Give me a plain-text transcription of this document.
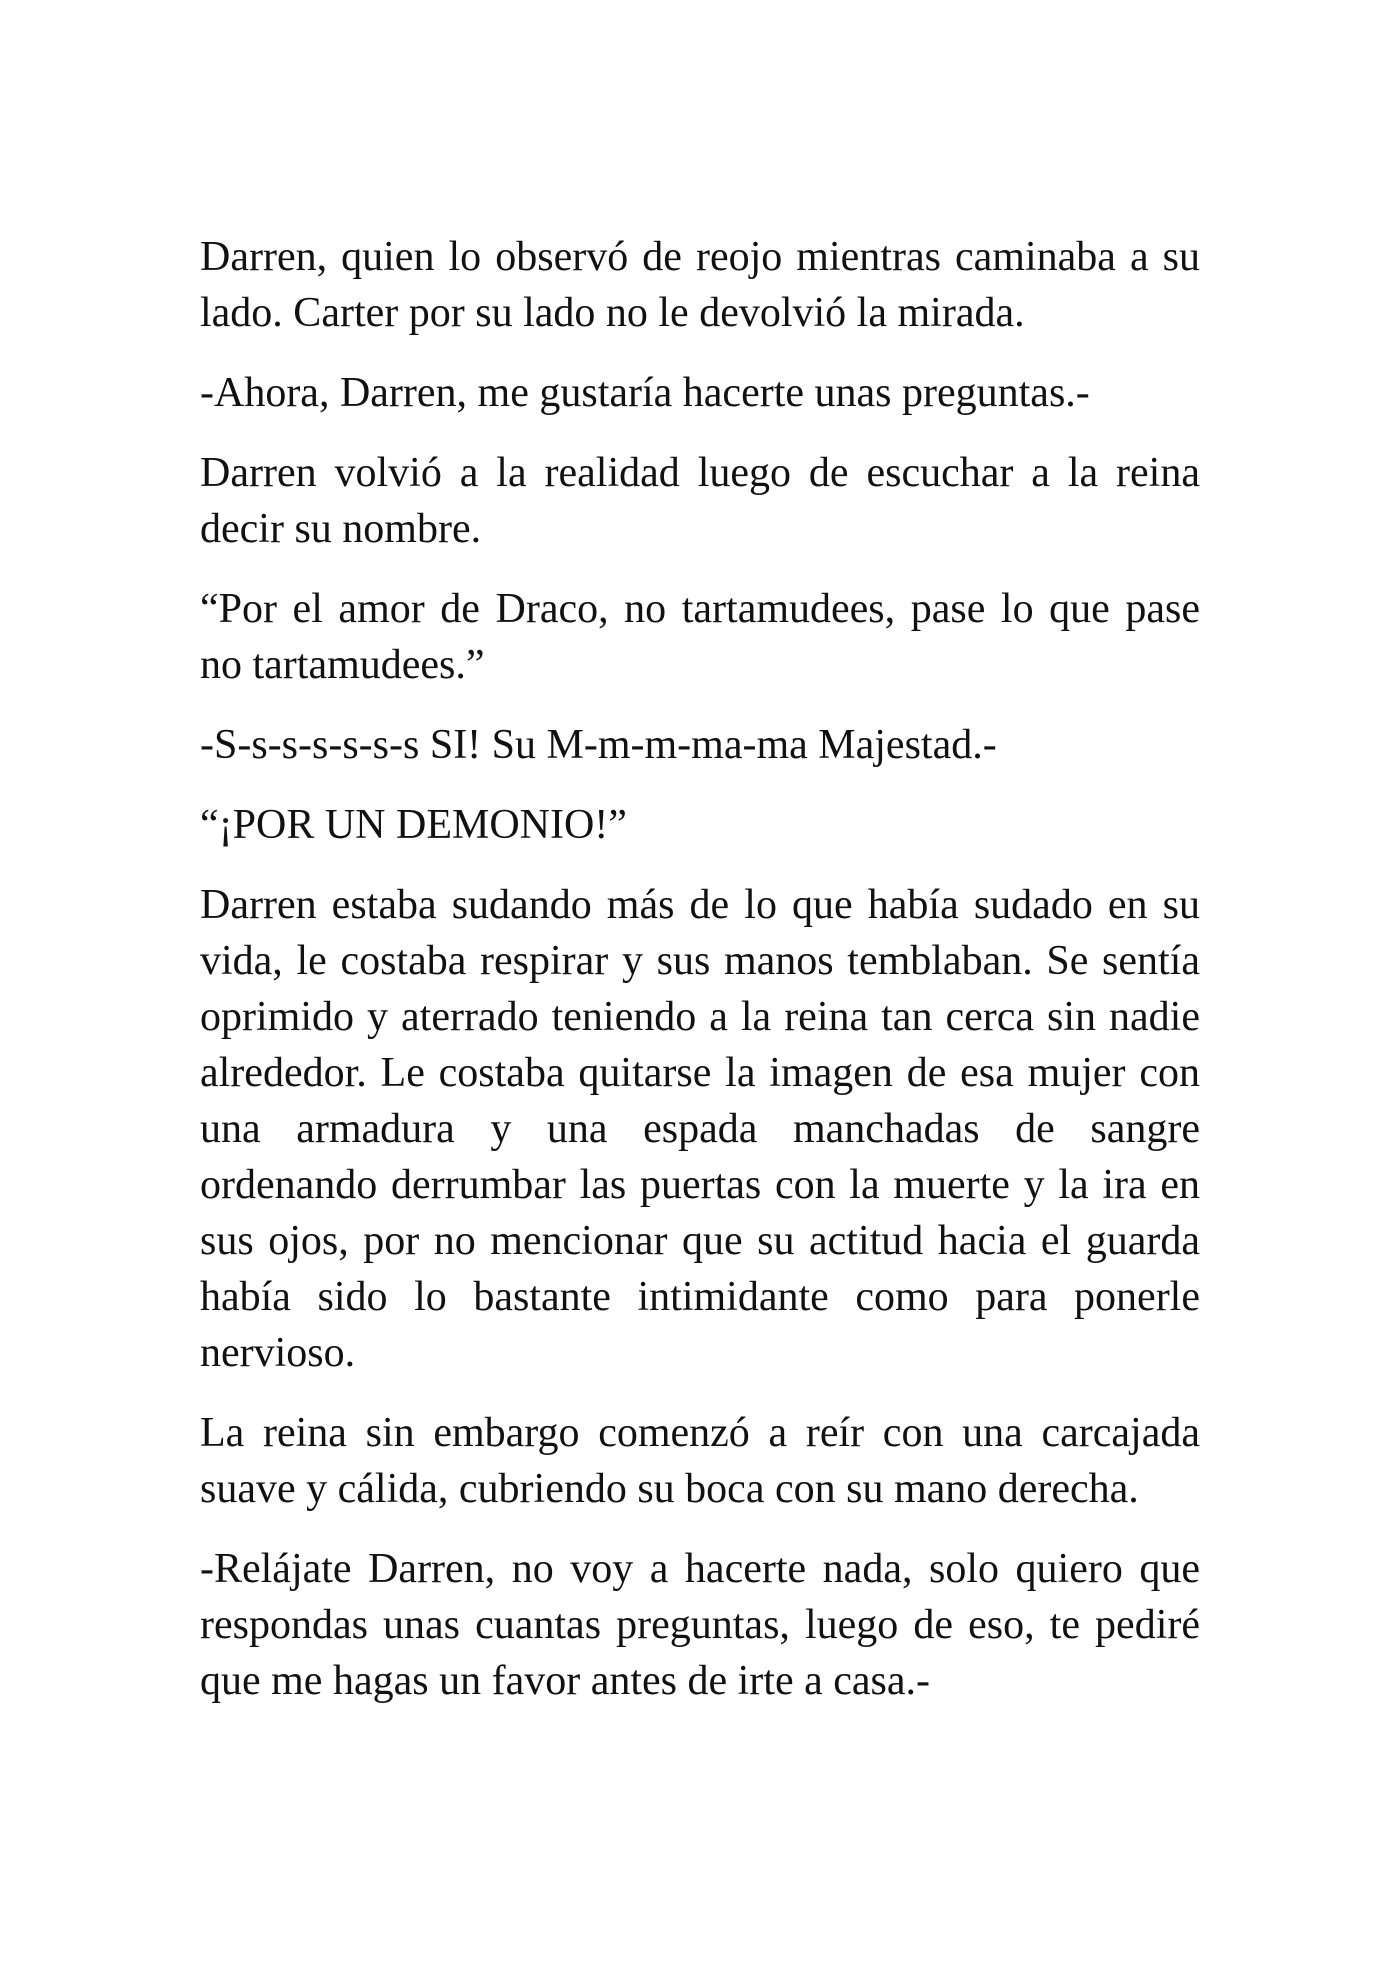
Darren, quien lo observó de reojo mientras caminaba a su lado. Carter por su lado no le devolvió la mirada.

-Ahora, Darren, me gustaría hacerte unas preguntas.-

Darren volvió a la realidad luego de escuchar a la reina decir su nombre.

“Por el amor de Draco, no tartamudees, pase lo que pase no tartamudees.”

-S-s-s-s-s-s-s SI! Su M-m-m-ma-ma Majestad.-

“¡POR UN DEMONIO!”

Darren estaba sudando más de lo que había sudado en su vida, le costaba respirar y sus manos temblaban. Se sentía oprimido y aterrado teniendo a la reina tan cerca sin nadie alrededor. Le costaba quitarse la imagen de esa mujer con una armadura y una espada manchadas de sangre ordenando derrumbar las puertas con la muerte y la ira en sus ojos, por no mencionar que su actitud hacia el guarda había sido lo bastante intimidante como para ponerle nervioso.

La reina sin embargo comenzó a reír con una carcajada suave y cálida, cubriendo su boca con su mano derecha.

-Relájate Darren, no voy a hacerte nada, solo quiero que respondas unas cuantas preguntas, luego de eso, te pediré que me hagas un favor antes de irte a casa.-
